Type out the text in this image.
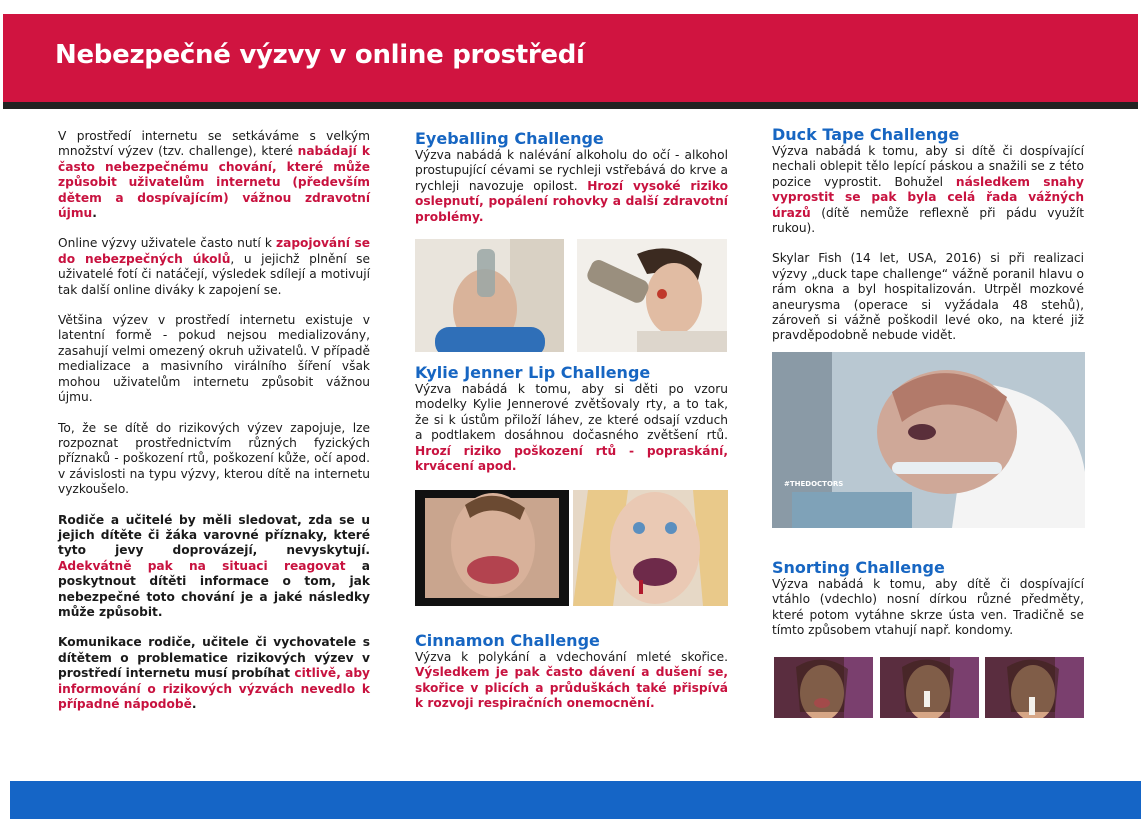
Nebezpečné výzvy v online prostředí

V prostředí internetu se setkáváme s velkým množství výzev (tzv. challenge), které nabádají k často nebezpečnému chování, které může způsobit uživatelům internetu (především dětem a dospívajícím) vážnou zdravotní újmu.

Online výzvy uživatele často nutí k zapojování se do nebezpečných úkolů, u jejichž plnění se uživatelé fotí či natáčejí, výsledek sdílejí a motivují tak další online diváky k zapojení se.

Většina výzev v prostředí internetu existuje v latentní formě - pokud nejsou medializovány, zasahují velmi omezený okruh uživatelů. V případě medializace a masivního virálního šíření však mohou uživatelům internetu způsobit vážnou újmu.

To, že se dítě do rizikových výzev zapojuje, lze rozpoznat prostřednictvím různých fyzických příznaků - poškození rtů, poškození kůže, očí apod. v závislosti na typu výzvy, kterou dítě na internetu vyzkoušelo.

Rodiče a učitelé by měli sledovat, zda se u jejich dítěte či žáka varovné příznaky, které tyto jevy doprovázejí, nevyskytují. Adekvátně pak na situaci reagovat a poskytnout dítěti informace o tom, jak nebezpečné toto chování je a jaké následky může způsobit.

Komunikace rodiče, učitele či vychovatele s dítětem o problematice rizikových výzev v prostředí internetu musí probíhat citlivě, aby informování o rizikových výzvách nevedlo k případné nápodobě.

Eyeballing Challenge

Výzva nabádá k nalévání alkoholu do očí - alkohol prostupující cévami se rychleji vstřebává do krve a rychleji navozuje opilost. Hrozí vysoké riziko oslepnutí, popálení rohovky a další zdravotní problémy.

Kylie Jenner Lip Challenge

Výzva nabádá k tomu, aby si děti po vzoru modelky Kylie Jennerové zvětšovaly rty, a to tak, že si k ústům přiloží láhev, ze které odsají vzduch a podtlakem dosáhnou dočasného zvětšení rtů. Hrozí riziko poškození rtů - popraskání, krvácení apod.

Cinnamon Challenge

Výzva k polykání a vdechování mleté skořice. Výsledkem je pak často dávení a dušení se, skořice v plicích a průduškách také přispívá k rozvoji respiračních onemocnění.

Duck Tape Challenge

Výzva nabádá k tomu, aby si dítě či dospívající nechali oblepit tělo lepící páskou a snažili se z této pozice vyprostit. Bohužel následkem snahy vyprostit se pak byla celá řada vážných úrazů (dítě nemůže reflexně při pádu využít rukou).

Skylar Fish (14 let, USA, 2016) si při realizaci výzvy „duck tape challenge“ vážně poranil hlavu o rám okna a byl hospitalizován. Utrpěl mozkové aneurysma (operace si vyžádala 48 stehů), zároveň si vážně poškodil levé oko, na které již pravděpodobně nebude vidět.

Snorting Challenge

Výzva nabádá k tomu, aby dítě či dospívající vtáhlo (vdechlo) nosní dírkou různé předměty, které potom vytáhne skrze ústa ven. Tradičně se tímto způsobem vtahují např. kondomy.

#THEDOCTORS
